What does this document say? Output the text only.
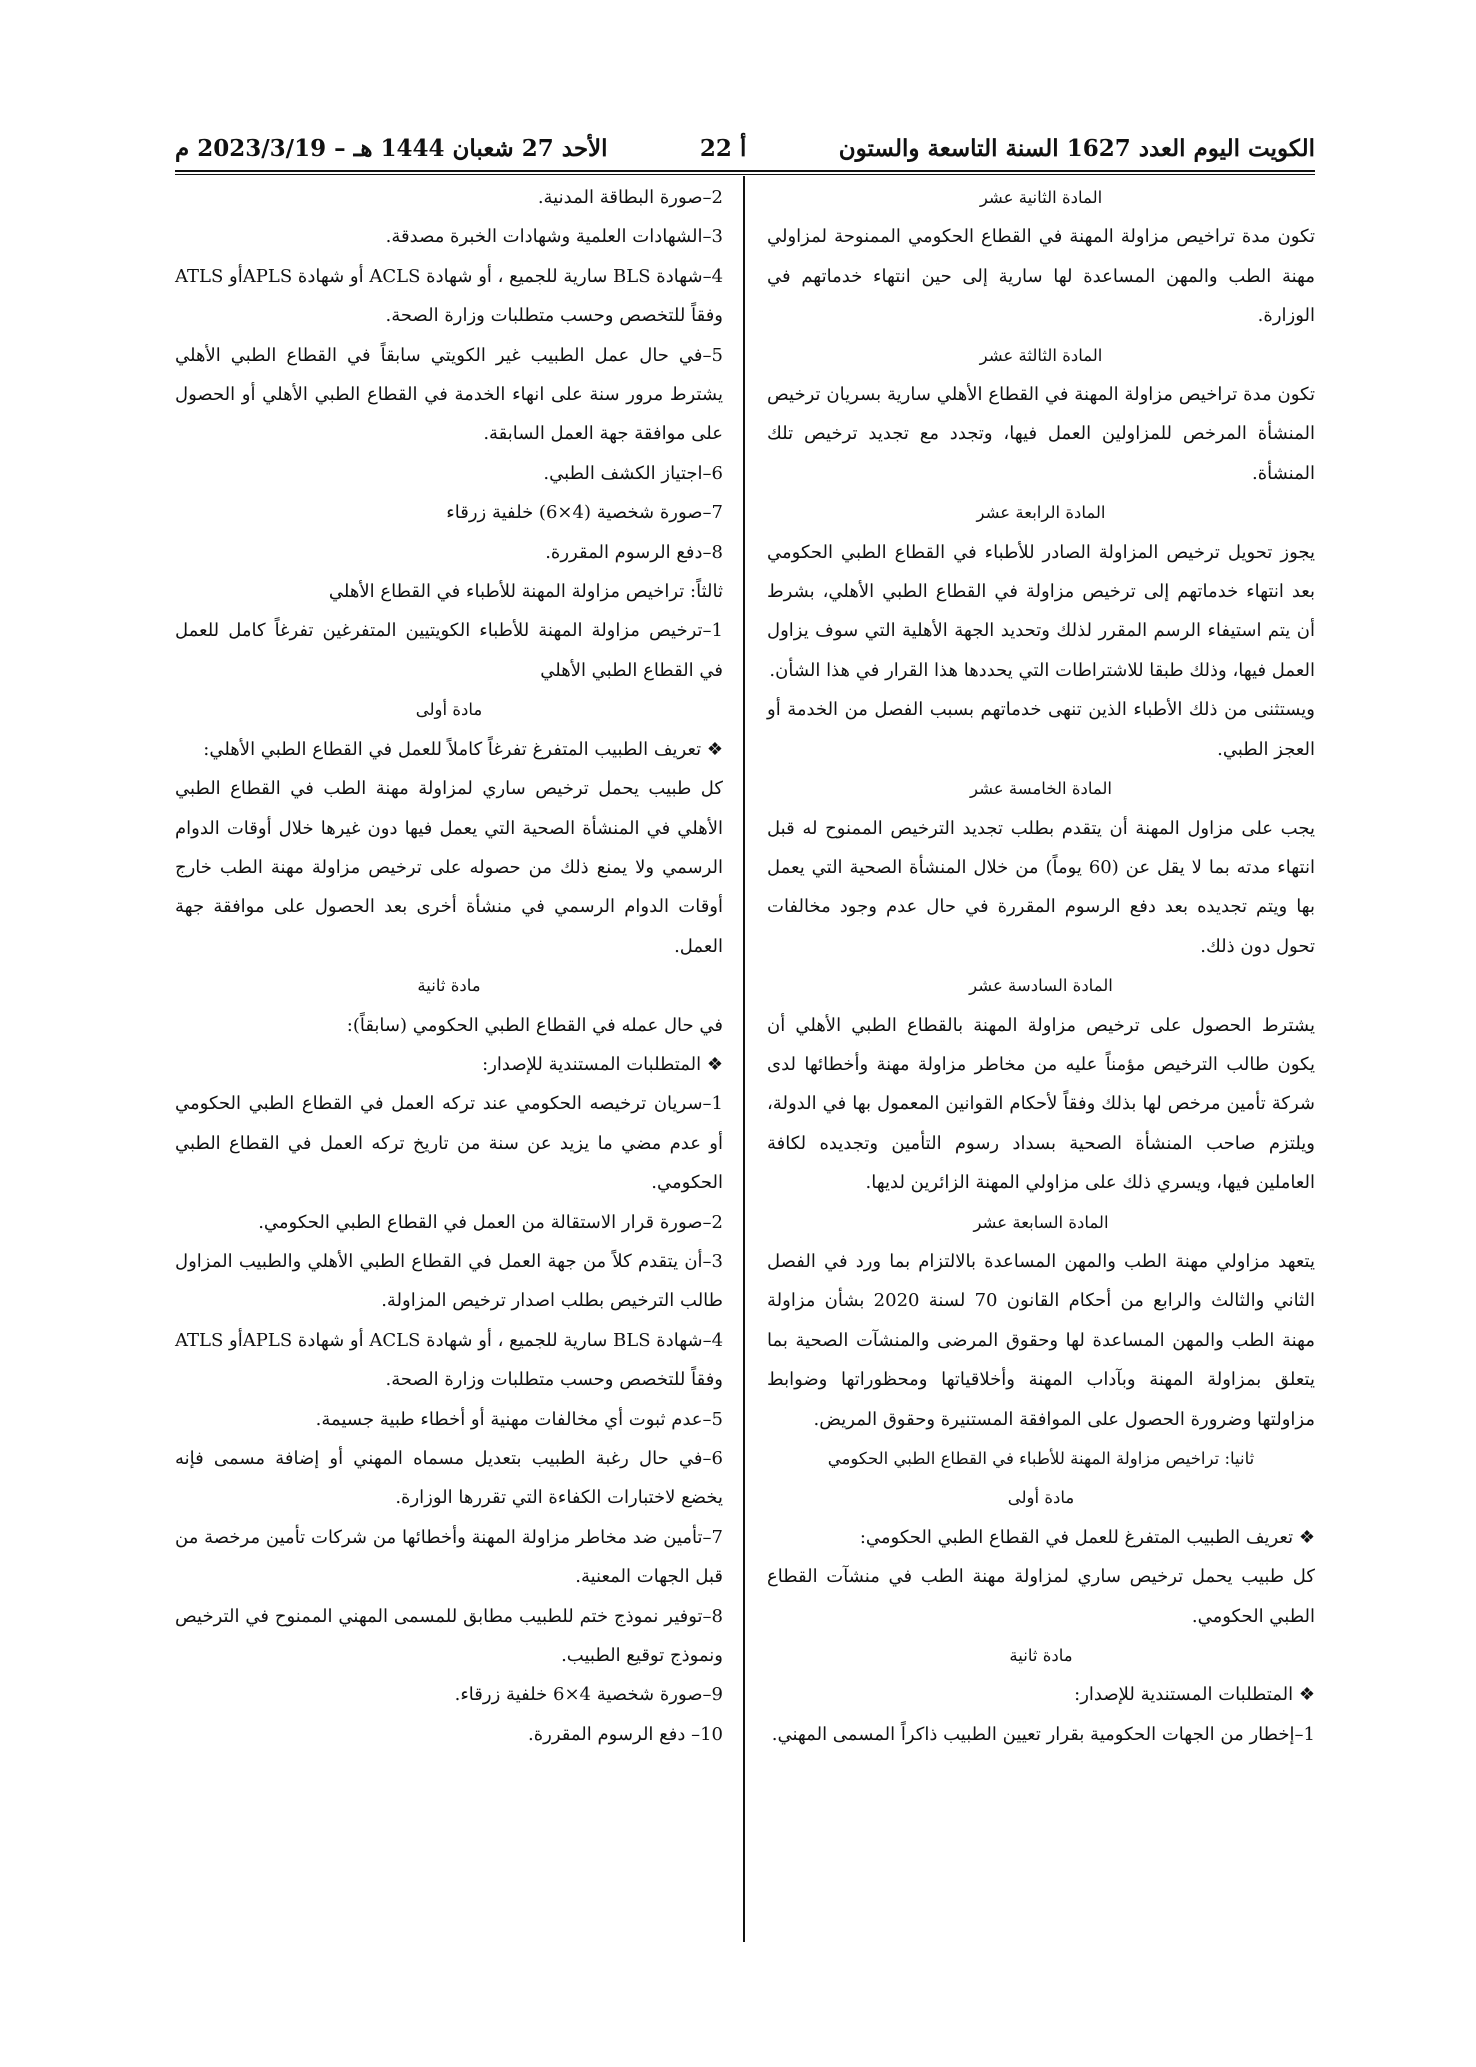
الكويت اليوم العدد 1627 السنة التاسعة والستون
أ 22
الأحد 27 شعبان 1444 هـ – 2023/3/19 م

المادة الثانية عشر

تكون مدة تراخيص مزاولة المهنة في القطاع الحكومي الممنوحة لمزاولي مهنة الطب والمهن المساعدة لها سارية إلى حين انتهاء خدماتهم في الوزارة.

المادة الثالثة عشر

تكون مدة تراخيص مزاولة المهنة في القطاع الأهلي سارية بسريان ترخيص المنشأة المرخص للمزاولين العمل فيها، وتجدد مع تجديد ترخيص تلك المنشأة.

المادة الرابعة عشر

يجوز تحويل ترخيص المزاولة الصادر للأطباء في القطاع الطبي الحكومي بعد انتهاء خدماتهم إلى ترخيص مزاولة في القطاع الطبي الأهلي، بشرط أن يتم استيفاء الرسم المقرر لذلك وتحديد الجهة الأهلية التي سوف يزاول العمل فيها، وذلك طبقا للاشتراطات التي يحددها هذا القرار في هذا الشأن.

ويستثنى من ذلك الأطباء الذين تنهى خدماتهم بسبب الفصل من الخدمة أو العجز الطبي.

المادة الخامسة عشر

يجب على مزاول المهنة أن يتقدم بطلب تجديد الترخيص الممنوح له قبل انتهاء مدته بما لا يقل عن (60 يوماً) من خلال المنشأة الصحية التي يعمل بها ويتم تجديده بعد دفع الرسوم المقررة في حال عدم وجود مخالفات تحول دون ذلك.

المادة السادسة عشر

يشترط الحصول على ترخيص مزاولة المهنة بالقطاع الطبي الأهلي أن يكون طالب الترخيص مؤمناً عليه من مخاطر مزاولة مهنة وأخطائها لدى شركة تأمين مرخص لها بذلك وفقاً لأحكام القوانين المعمول بها في الدولة، ويلتزم صاحب المنشأة الصحية بسداد رسوم التأمين وتجديده لكافة العاملين فيها، ويسري ذلك على مزاولي المهنة الزائرين لديها.

المادة السابعة عشر

يتعهد مزاولي مهنة الطب والمهن المساعدة بالالتزام بما ورد في الفصل الثاني والثالث والرابع من أحكام القانون 70 لسنة 2020 بشأن مزاولة مهنة الطب والمهن المساعدة لها وحقوق المرضى والمنشآت الصحية بما يتعلق بمزاولة المهنة وبآداب المهنة وأخلاقياتها ومحظوراتها وضوابط مزاولتها وضرورة الحصول على الموافقة المستنيرة وحقوق المريض.

ثانيا: تراخيص مزاولة المهنة للأطباء في القطاع الطبي الحكومي

مادة أولى

❖ تعريف الطبيب المتفرغ للعمل في القطاع الطبي الحكومي:

كل طبيب يحمل ترخيص ساري لمزاولة مهنة الطب في منشآت القطاع الطبي الحكومي.

مادة ثانية

❖ المتطلبات المستندية للإصدار:

1–إخطار من الجهات الحكومية بقرار تعيين الطبيب ذاكراً المسمى المهني.

2–صورة البطاقة المدنية.

3–الشهادات العلمية وشهادات الخبرة مصدقة.

4–شهادة BLS سارية للجميع ، أو شهادة ACLS أو شهادة APLSأو ATLS وفقاً للتخصص وحسب متطلبات وزارة الصحة.

5–في حال عمل الطبيب غير الكويتي سابقاً في القطاع الطبي الأهلي يشترط مرور سنة على انهاء الخدمة في القطاع الطبي الأهلي أو الحصول على موافقة جهة العمل السابقة.

6–اجتياز الكشف الطبي.

7–صورة شخصية (4×6) خلفية زرقاء

8–دفع الرسوم المقررة.

ثالثاً: تراخيص مزاولة المهنة للأطباء في القطاع الأهلي

1–ترخيص مزاولة المهنة للأطباء الكويتيين المتفرغين تفرغاً كامل للعمل في القطاع الطبي الأهلي

مادة أولى

❖ تعريف الطبيب المتفرغ تفرغاً كاملاً للعمل في القطاع الطبي الأهلي:

كل طبيب يحمل ترخيص ساري لمزاولة مهنة الطب في القطاع الطبي الأهلي في المنشأة الصحية التي يعمل فيها دون غيرها خلال أوقات الدوام الرسمي ولا يمنع ذلك من حصوله على ترخيص مزاولة مهنة الطب خارج أوقات الدوام الرسمي في منشأة أخرى بعد الحصول على موافقة جهة العمل.

مادة ثانية

في حال عمله في القطاع الطبي الحكومي (سابقاً):

❖ المتطلبات المستندية للإصدار:

1–سريان ترخيصه الحكومي عند تركه العمل في القطاع الطبي الحكومي أو عدم مضي ما يزيد عن سنة من تاريخ تركه العمل في القطاع الطبي الحكومي.

2–صورة قرار الاستقالة من العمل في القطاع الطبي الحكومي.

3–أن يتقدم كلاً من جهة العمل في القطاع الطبي الأهلي والطبيب المزاول طالب الترخيص بطلب اصدار ترخيص المزاولة.

4–شهادة BLS سارية للجميع ، أو شهادة ACLS أو شهادة APLSأو ATLS وفقاً للتخصص وحسب متطلبات وزارة الصحة.

5–عدم ثبوت أي مخالفات مهنية أو أخطاء طبية جسيمة.

6–في حال رغبة الطبيب بتعديل مسماه المهني أو إضافة مسمى فإنه يخضع لاختبارات الكفاءة التي تقررها الوزارة.

7–تأمين ضد مخاطر مزاولة المهنة وأخطائها من شركات تأمين مرخصة من قبل الجهات المعنية.

8–توفير نموذج ختم للطبيب مطابق للمسمى المهني الممنوح في الترخيص ونموذج توقيع الطبيب.

9–صورة شخصية 4×6 خلفية زرقاء.

10– دفع الرسوم المقررة.
